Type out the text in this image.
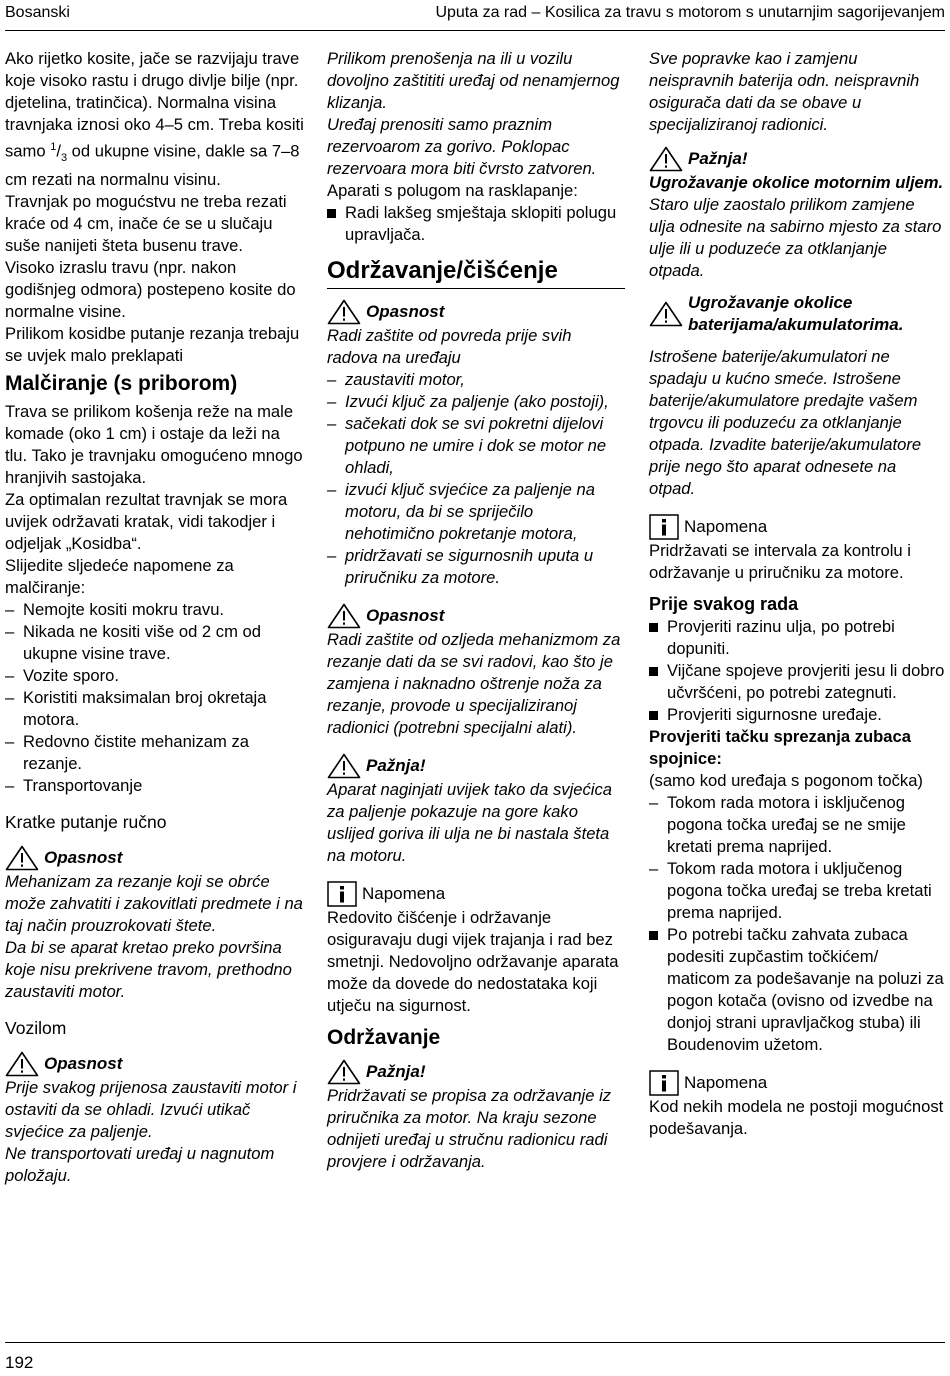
Bosanski	Uputa za rad – Kosilica za travu s motorom s unutarnjim sagorijevanjem

Ako rijetko kosite, jače se razvijaju trave koje visoko rastu i drugo divlje bilje (npr. djetelina, tratinčica). Normalna visina travnjaka iznosi oko 4–5 cm. Treba kositi samo $^1/_3$ od ukupne visine, dakle sa 7–8 cm rezati na normalnu visinu.

Travnjak po mogućstvu ne treba rezati kraće od 4 cm, inače će se u slučaju suše nanijeti šteta busenu trave.

Visoko izraslu travu (npr. nakon godišnjeg odmora) postepeno kosite do normalne visine.

Prilikom kosidbe putanje rezanja trebaju se uvjek malo preklapati

Malčiranje (s priborom)

Trava se prilikom košenja reže na male komade (oko 1 cm) i ostaje da leži na tlu. Tako je travnjaku omogućeno mnogo hranjivih sastojaka.

Za optimalan rezultat travnjak se mora uvijek održavati kratak, vidi takodjer i odjeljak „Kosidba“.

Slijedite sljedeće napomene za malčiranje:

– Nemojte kositi mokru travu.
– Nikada ne kositi više od 2 cm od ukupne visine trave.
– Vozite sporo.
– Koristiti maksimalan broj okretaja motora.
– Redovno čistite mehanizam za rezanje.
– Transportovanje

Kratke putanje ručno

Opasnost

Mehanizam za rezanje koji se obrće može zahvatiti i zakovitlati predmete i na taj način prouzrokovati štete.

Da bi se aparat kretao preko površina koje nisu prekrivene travom, prethodno zaustaviti motor.

Vozilom

Opasnost

Prije svakog prijenosa zaustaviti motor i ostaviti da se ohladi. Izvući utikač svjećice za paljenje.

Ne transportovati uređaj u nagnutom položaju.

Prilikom prenošenja na ili u vozilu dovoljno zaštititi uređaj od nenamjernog klizanja.

Uređaj prenositi samo praznim rezervoarom za gorivo. Poklopac rezervoara mora biti čvrsto zatvoren.

Aparati s polugom na rasklapanje:

Radi lakšeg smještaja sklopiti polugu upravljača.
Održavanje/čišćenje
Opasnost

Radi zaštite od povreda prije svih radova na uređaju

– zaustaviti motor,
– Izvući ključ za paljenje (ako postoji),
– sačekati dok se svi pokretni dijelovi potpuno ne umire i dok se motor ne ohladi,
– izvući ključ svjećice za paljenje na motoru, da bi se spriječilo nehotimično pokretanje motora,
– pridržavati se sigurnosnih uputa u priručniku za motore.
Opasnost

Radi zaštite od ozljeda mehanizmom za rezanje dati da se svi radovi, kao što je zamjena i naknadno oštrenje noža za rezanje, provode u specijaliziranoj radionici (potrebni specijalni alati).

Pažnja!

Aparat naginjati uvijek tako da svjećica za paljenje pokazuje na gore kako uslijed goriva ili ulja ne bi nastala šteta na motoru.

Napomena

Redovito čišćenje i održavanje osiguravaju dugi vijek trajanja i rad bez smetnji. Nedovoljno održavanje aparata može da dovede do nedostataka koji utječu na sigurnost.

Održavanje
Pažnja!

Pridržavati se propisa za održavanje iz priručnika za motor. Na kraju sezone odnijeti uređaj u stručnu radionicu radi provjere i održavanja.

Sve popravke kao i zamjenu neispravnih baterija odn. neispravnih osigurača dati da se obave u specijaliziranoj radionici.

Pažnja!

Ugrožavanje okolice motornim uljem.

Staro ulje zaostalo prilikom zamjene ulja odnesite na sabirno mjesto za staro ulje ili u poduzeće za otklanjanje otpada.

Ugrožavanje okolice baterijama/akumulatorima.

Istrošene baterije/akumulatori ne spadaju u kućno smeće. Istrošene baterije/akumulatore predajte vašem trgovcu ili poduzeću za otklanjanje otpada. Izvadite baterije/akumulatore prije nego što aparat odnesete na otpad.

Napomena

Pridržavati se intervala za kontrolu i održavanje u priručniku za motore.

Prije svakog rada
Provjeriti razinu ulja, po potrebi dopuniti.
Vijčane spojeve provjeriti jesu li dobro učvršćeni, po potrebi zategnuti.
Provjeriti sigurnosne uređaje.

Provjeriti tačku sprezanja zubaca spojnice:

(samo kod uređaja s pogonom točka)

– Tokom rada motora i isključenog pogona točka uređaj se ne smije kretati prema naprijed.
– Tokom rada motora i uključenog pogona točka uređaj se treba kretati prema naprijed.
Po potrebi tačku zahvata zubaca podesiti zupčastim točkićem/ maticom za podešavanje na poluzi za pogon kotača (ovisno od izvedbe na donjoj strani upravljačkog stuba) ili Boudenovim užetom.
Napomena

Kod nekih modela ne postoji mogućnost podešavanja.

192
